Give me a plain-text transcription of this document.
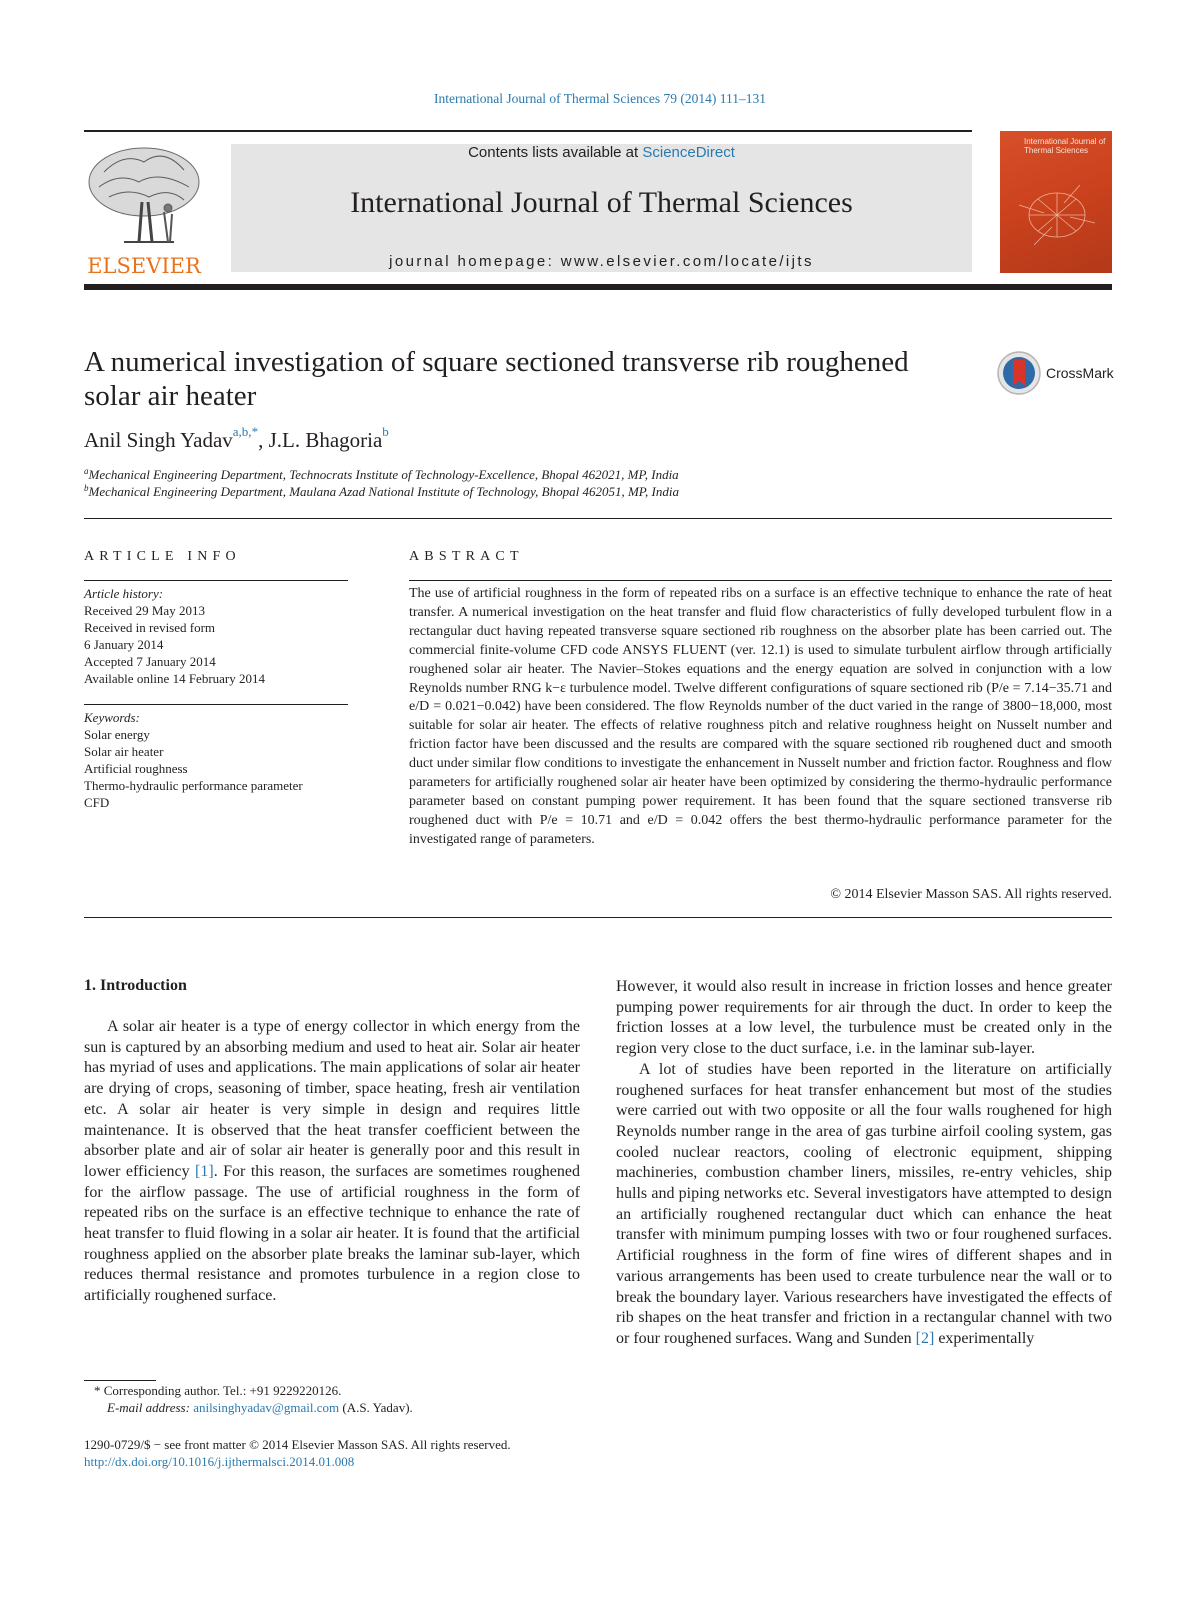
International Journal of Thermal Sciences 79 (2014) 111–131
ELSEVIER
Contents lists available at ScienceDirect
International Journal of Thermal Sciences
journal homepage: www.elsevier.com/locate/ijts
International Journal of Thermal Sciences
A numerical investigation of square sectioned transverse rib roughened solar air heater
CrossMark
Anil Singh Yadav$^{a,b,*}$, J.L. Bhagoria$^b$
$^a$Mechanical Engineering Department, Technocrats Institute of Technology-Excellence, Bhopal 462021, MP, India
$^b$Mechanical Engineering Department, Maulana Azad National Institute of Technology, Bhopal 462051, MP, India
ARTICLE INFO
Article history:
Received 29 May 2013
Received in revised form
6 January 2014
Accepted 7 January 2014
Available online 14 February 2014
Keywords:
Solar energy
Solar air heater
Artificial roughness
Thermo-hydraulic performance parameter
CFD
ABSTRACT
The use of artificial roughness in the form of repeated ribs on a surface is an effective technique to enhance the rate of heat transfer. A numerical investigation on the heat transfer and fluid flow characteristics of fully developed turbulent flow in a rectangular duct having repeated transverse square sectioned rib roughness on the absorber plate has been carried out. The commercial finite-volume CFD code ANSYS FLUENT (ver. 12.1) is used to simulate turbulent airflow through artificially roughened solar air heater. The Navier–Stokes equations and the energy equation are solved in conjunction with a low Reynolds number RNG k−ε turbulence model. Twelve different configurations of square sectioned rib (P/e = 7.14−35.71 and e/D = 0.021−0.042) have been considered. The flow Reynolds number of the duct varied in the range of 3800−18,000, most suitable for solar air heater. The effects of relative roughness pitch and relative roughness height on Nusselt number and friction factor have been discussed and the results are compared with the square sectioned rib roughened duct and smooth duct under similar flow conditions to investigate the enhancement in Nusselt number and friction factor. Roughness and flow parameters for artificially roughened solar air heater have been optimized by considering the thermo-hydraulic performance parameter based on constant pumping power requirement. It has been found that the square sectioned transverse rib roughened duct with P/e = 10.71 and e/D = 0.042 offers the best thermo-hydraulic performance parameter for the investigated range of parameters.
© 2014 Elsevier Masson SAS. All rights reserved.
1. Introduction
A solar air heater is a type of energy collector in which energy from the sun is captured by an absorbing medium and used to heat air. Solar air heater has myriad of uses and applications. The main applications of solar air heater are drying of crops, seasoning of timber, space heating, fresh air ventilation etc. A solar air heater is very simple in design and requires little maintenance. It is observed that the heat transfer coefficient between the absorber plate and air of solar air heater is generally poor and this result in lower efficiency [1]. For this reason, the surfaces are sometimes roughened for the airflow passage. The use of artificial roughness in the form of repeated ribs on the surface is an effective technique to enhance the rate of heat transfer to fluid flowing in a solar air heater. It is found that the artificial roughness applied on the absorber plate breaks the laminar sub-layer, which reduces thermal resistance and promotes turbulence in a region close to artificially roughened surface.

However, it would also result in increase in friction losses and hence greater pumping power requirements for air through the duct. In order to keep the friction losses at a low level, the turbulence must be created only in the region very close to the duct surface, i.e. in the laminar sub-layer.

A lot of studies have been reported in the literature on artificially roughened surfaces for heat transfer enhancement but most of the studies were carried out with two opposite or all the four walls roughened for high Reynolds number range in the area of gas turbine airfoil cooling system, gas cooled nuclear reactors, cooling of electronic equipment, shipping machineries, combustion chamber liners, missiles, re-entry vehicles, ship hulls and piping networks etc. Several investigators have attempted to design an artificially roughened rectangular duct which can enhance the heat transfer with minimum pumping losses with two or four roughened surfaces. Artificial roughness in the form of fine wires of different shapes and in various arrangements has been used to create turbulence near the wall or to break the boundary layer. Various researchers have investigated the effects of rib shapes on the heat transfer and friction in a rectangular channel with two or four roughened surfaces. Wang and Sunden [2] experimentally

* Corresponding author. Tel.: +91 9229220126.
E-mail address: anilsinghyadav@gmail.com (A.S. Yadav).
1290-0729/$ − see front matter © 2014 Elsevier Masson SAS. All rights reserved.
http://dx.doi.org/10.1016/j.ijthermalsci.2014.01.008
